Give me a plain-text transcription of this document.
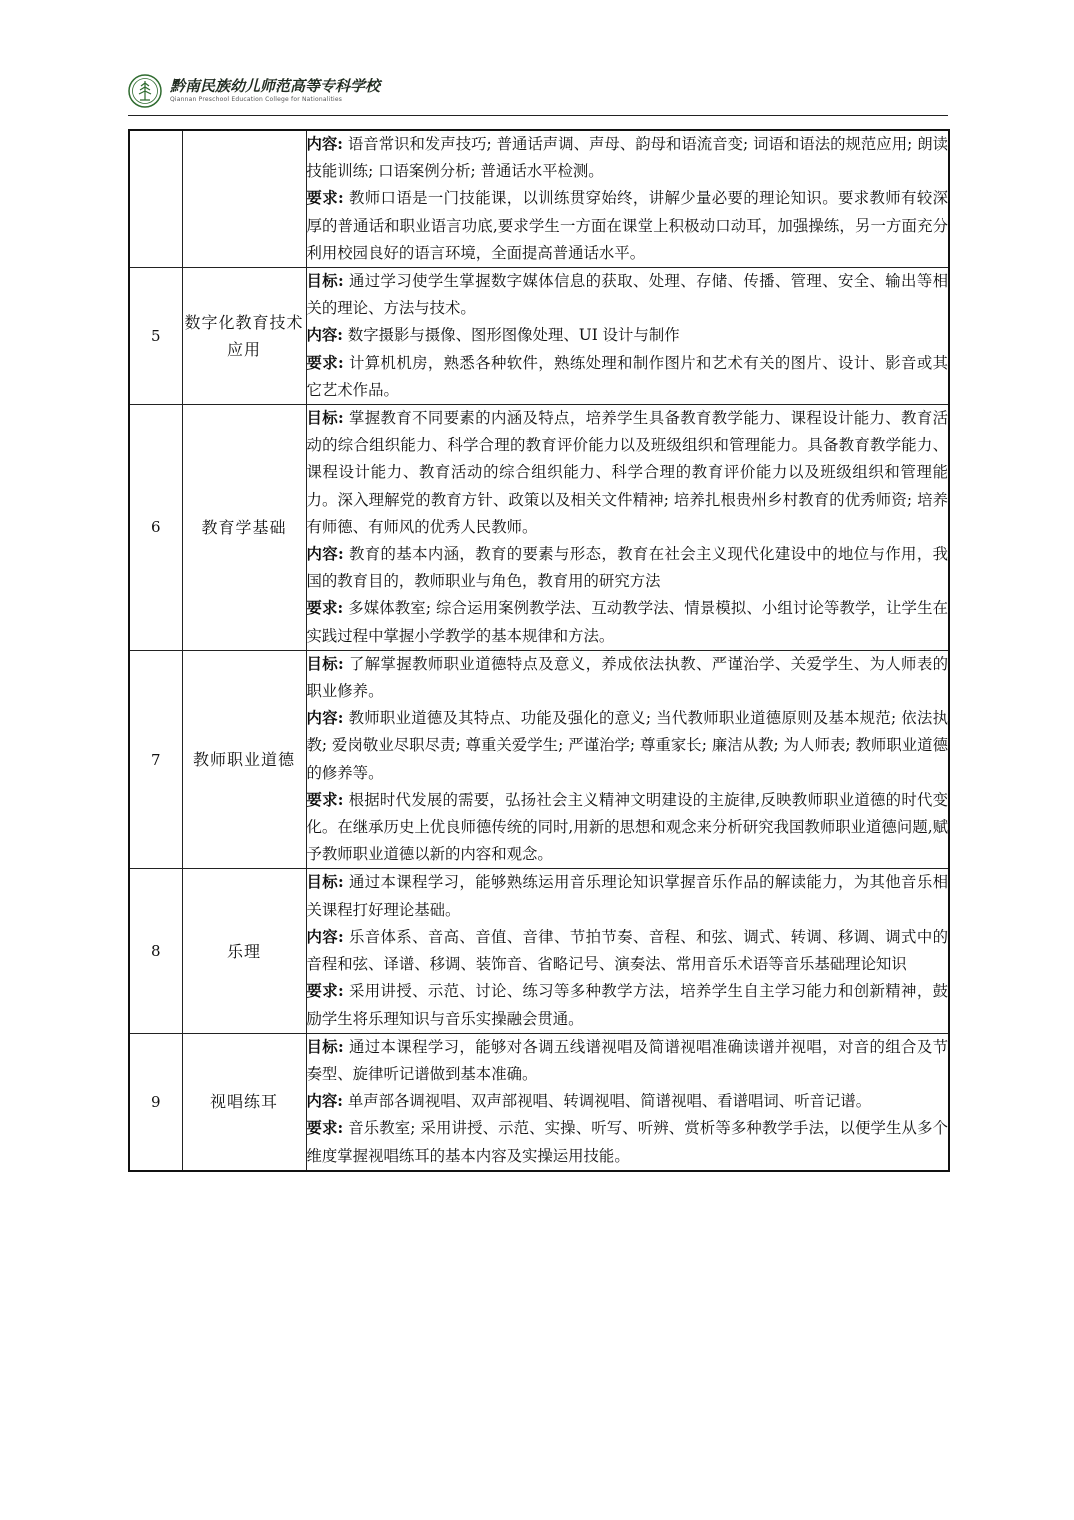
黔南民族幼儿师范高等专科学校
Qiannan Preschool Education College for Nationalities

		内容: 语音常识和发声技巧; 普通话声调、声母、韵母和语流音变; 词语和语法的规范应用; 朗读技能训练; 口语案例分析; 普通话水平检测。
要求: 教师口语是一门技能课，以训练贯穿始终，讲解少量必要的理论知识。要求教师有较深厚的普通话和职业语言功底,要求学生一方面在课堂上积极动口动耳，加强操练，另一方面充分利用校园良好的语言环境，全面提高普通话水平。

5	数字化教育技术应用	目标: 通过学习使学生掌握数字媒体信息的获取、处理、存储、传播、管理、安全、输出等相关的理论、方法与技术。
内容: 数字摄影与摄像、图形图像处理、UI 设计与制作
要求: 计算机机房，熟悉各种软件，熟练处理和制作图片和艺术有关的图片、设计、影音或其它艺术作品。

6	教育学基础	目标: 掌握教育不同要素的内涵及特点，培养学生具备教育教学能力、课程设计能力、教育活动的综合组织能力、科学合理的教育评价能力以及班级组织和管理能力。具备教育教学能力、课程设计能力、教育活动的综合组织能力、科学合理的教育评价能力以及班级组织和管理能力。深入理解党的教育方针、政策以及相关文件精神; 培养扎根贵州乡村教育的优秀师资; 培养有师德、有师风的优秀人民教师。
内容: 教育的基本内涵，教育的要素与形态，教育在社会主义现代化建设中的地位与作用，我国的教育目的，教师职业与角色，教育用的研究方法
要求: 多媒体教室; 综合运用案例教学法、互动教学法、情景模拟、小组讨论等教学，让学生在实践过程中掌握小学教学的基本规律和方法。

7	教师职业道德	目标: 了解掌握教师职业道德特点及意义，养成依法执教、严谨治学、关爱学生、为人师表的职业修养。
内容: 教师职业道德及其特点、功能及强化的意义; 当代教师职业道德原则及基本规范; 依法执教; 爱岗敬业尽职尽责; 尊重关爱学生; 严谨治学; 尊重家长; 廉洁从教; 为人师表; 教师职业道德的修养等。
要求: 根据时代发展的需要，弘扬社会主义精神文明建设的主旋律,反映教师职业道德的时代变化。在继承历史上优良师德传统的同时,用新的思想和观念来分析研究我国教师职业道德问题,赋予教师职业道德以新的内容和观念。

8	乐理	目标: 通过本课程学习，能够熟练运用音乐理论知识掌握音乐作品的解读能力，为其他音乐相关课程打好理论基础。
内容: 乐音体系、音高、音值、音律、节拍节奏、音程、和弦、调式、转调、移调、调式中的音程和弦、译谱、移调、装饰音、省略记号、演奏法、常用音乐术语等音乐基础理论知识
要求: 采用讲授、示范、讨论、练习等多种教学方法，培养学生自主学习能力和创新精神，鼓励学生将乐理知识与音乐实操融会贯通。

9	视唱练耳	目标: 通过本课程学习，能够对各调五线谱视唱及简谱视唱准确读谱并视唱，对音的组合及节奏型、旋律听记谱做到基本准确。
内容: 单声部各调视唱、双声部视唱、转调视唱、简谱视唱、看谱唱词、听音记谱。
要求: 音乐教室; 采用讲授、示范、实操、听写、听辨、赏析等多种教学手法，以便学生从多个维度掌握视唱练耳的基本内容及实操运用技能。
